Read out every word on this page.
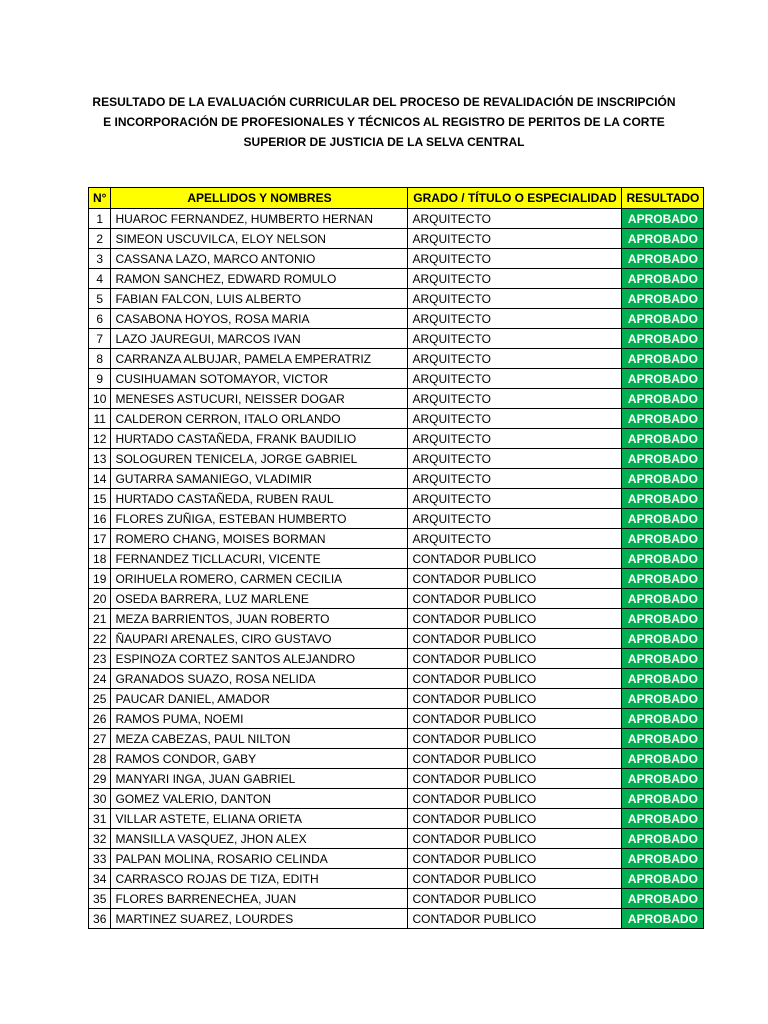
RESULTADO DE LA EVALUACIÓN CURRICULAR DEL PROCESO DE REVALIDACIÓN DE INSCRIPCIÓN
E INCORPORACIÓN DE PROFESIONALES Y TÉCNICOS AL REGISTRO DE PERITOS DE LA CORTE
SUPERIOR DE JUSTICIA DE LA SELVA CENTRAL
N°	APELLIDOS Y NOMBRES	GRADO / TÍTULO O ESPECIALIDAD	RESULTADO
1	HUAROC FERNANDEZ, HUMBERTO HERNAN	ARQUITECTO	APROBADO
2	SIMEON USCUVILCA, ELOY NELSON	ARQUITECTO	APROBADO
3	CASSANA LAZO, MARCO ANTONIO	ARQUITECTO	APROBADO
4	RAMON SANCHEZ, EDWARD ROMULO	ARQUITECTO	APROBADO
5	FABIAN FALCON, LUIS ALBERTO	ARQUITECTO	APROBADO
6	CASABONA HOYOS, ROSA MARIA	ARQUITECTO	APROBADO
7	LAZO JAUREGUI, MARCOS IVAN	ARQUITECTO	APROBADO
8	CARRANZA ALBUJAR, PAMELA EMPERATRIZ	ARQUITECTO	APROBADO
9	CUSIHUAMAN SOTOMAYOR, VICTOR	ARQUITECTO	APROBADO
10	MENESES ASTUCURI, NEISSER DOGAR	ARQUITECTO	APROBADO
11	CALDERON CERRON, ITALO ORLANDO	ARQUITECTO	APROBADO
12	HURTADO CASTAÑEDA, FRANK BAUDILIO	ARQUITECTO	APROBADO
13	SOLOGUREN TENICELA, JORGE GABRIEL	ARQUITECTO	APROBADO
14	GUTARRA SAMANIEGO, VLADIMIR	ARQUITECTO	APROBADO
15	HURTADO CASTAÑEDA, RUBEN RAUL	ARQUITECTO	APROBADO
16	FLORES ZUÑIGA, ESTEBAN HUMBERTO	ARQUITECTO	APROBADO
17	ROMERO CHANG, MOISES BORMAN	ARQUITECTO	APROBADO
18	FERNANDEZ TICLLACURI, VICENTE	CONTADOR PUBLICO	APROBADO
19	ORIHUELA ROMERO, CARMEN CECILIA	CONTADOR PUBLICO	APROBADO
20	OSEDA BARRERA, LUZ MARLENE	CONTADOR PUBLICO	APROBADO
21	MEZA BARRIENTOS, JUAN ROBERTO	CONTADOR PUBLICO	APROBADO
22	ÑAUPARI ARENALES, CIRO GUSTAVO	CONTADOR PUBLICO	APROBADO
23	ESPINOZA CORTEZ SANTOS ALEJANDRO	CONTADOR PUBLICO	APROBADO
24	GRANADOS SUAZO, ROSA NELIDA	CONTADOR PUBLICO	APROBADO
25	PAUCAR DANIEL, AMADOR	CONTADOR PUBLICO	APROBADO
26	RAMOS PUMA, NOEMI	CONTADOR PUBLICO	APROBADO
27	MEZA CABEZAS, PAUL NILTON	CONTADOR PUBLICO	APROBADO
28	RAMOS CONDOR, GABY	CONTADOR PUBLICO	APROBADO
29	MANYARI INGA, JUAN GABRIEL	CONTADOR PUBLICO	APROBADO
30	GOMEZ VALERIO, DANTON	CONTADOR PUBLICO	APROBADO
31	VILLAR ASTETE, ELIANA ORIETA	CONTADOR PUBLICO	APROBADO
32	MANSILLA VASQUEZ, JHON ALEX	CONTADOR PUBLICO	APROBADO
33	PALPAN MOLINA, ROSARIO CELINDA	CONTADOR PUBLICO	APROBADO
34	CARRASCO ROJAS DE TIZA, EDITH	CONTADOR PUBLICO	APROBADO
35	FLORES BARRENECHEA, JUAN	CONTADOR PUBLICO	APROBADO
36	MARTINEZ SUAREZ, LOURDES	CONTADOR PUBLICO	APROBADO
